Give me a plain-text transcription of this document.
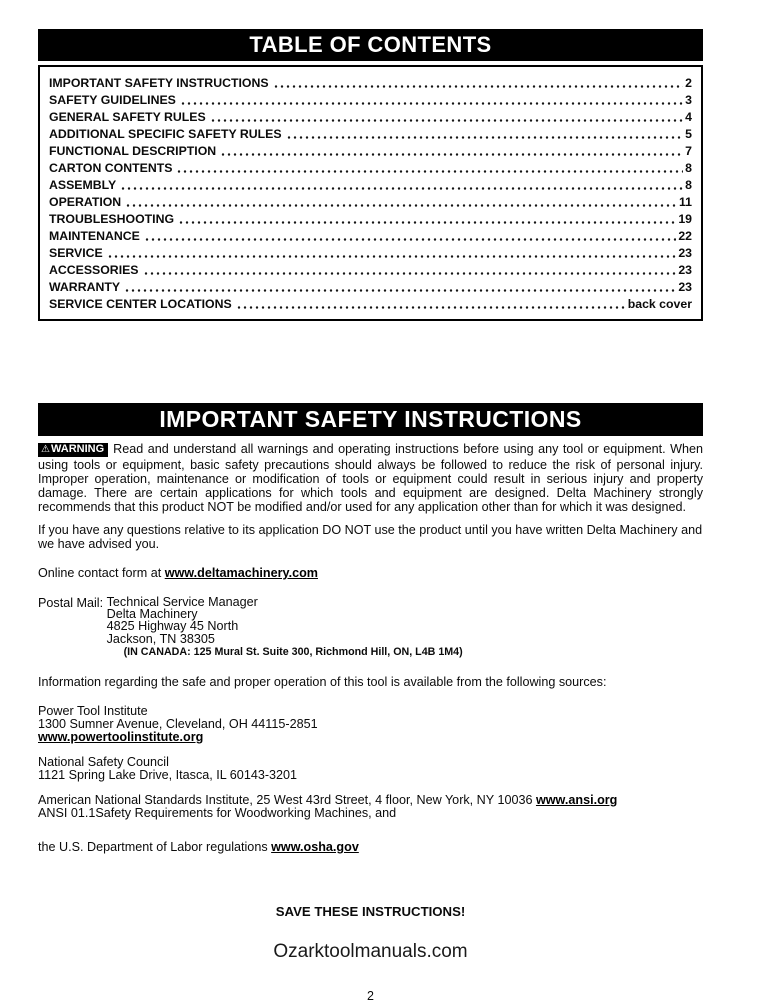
TABLE OF CONTENTS
IMPORTANT SAFETY INSTRUCTIONS	2
SAFETY GUIDELINES	3
GENERAL SAFETY RULES	4
ADDITIONAL SPECIFIC SAFETY RULES	5
FUNCTIONAL DESCRIPTION	7
CARTON CONTENTS	8
ASSEMBLY	8
OPERATION	11
TROUBLESHOOTING	19
MAINTENANCE	22
SERVICE	23
ACCESSORIES	23
WARRANTY	23
SERVICE CENTER LOCATIONS	back cover
IMPORTANT SAFETY INSTRUCTIONS

⚠WARNING Read and understand all warnings and operating instructions before using any tool or equipment. When using tools or equipment, basic safety precautions should always be followed to reduce the risk of personal injury. Improper operation, maintenance or modification of tools or equipment could result in serious injury and property damage. There are certain applications for which tools and equipment are designed. Delta Machinery strongly recommends that this product NOT be modified and/or used for any application other than for which it was designed.

If you have any questions relative to its application DO NOT use the product until you have written Delta Machinery and we have advised you.

Online contact form at www.deltamachinery.com

Postal Mail: Technical Service Manager
Delta Machinery
4825 Highway 45 North
Jackson, TN 38305
(IN CANADA: 125 Mural St. Suite 300, Richmond Hill, ON, L4B 1M4)

Information regarding the safe and proper operation of this tool is available from the following sources:

Power Tool Institute
1300 Sumner Avenue, Cleveland, OH 44115-2851
www.powertoolinstitute.org
National Safety Council
1121 Spring Lake Drive, Itasca, IL 60143-3201
American National Standards Institute, 25 West 43rd Street, 4 floor, New York, NY 10036 www.ansi.org
ANSI 01.1Safety Requirements for Woodworking Machines, and

the U.S. Department of Labor regulations www.osha.gov

SAVE THESE INSTRUCTIONS!
Ozarktoolmanuals.com
2
